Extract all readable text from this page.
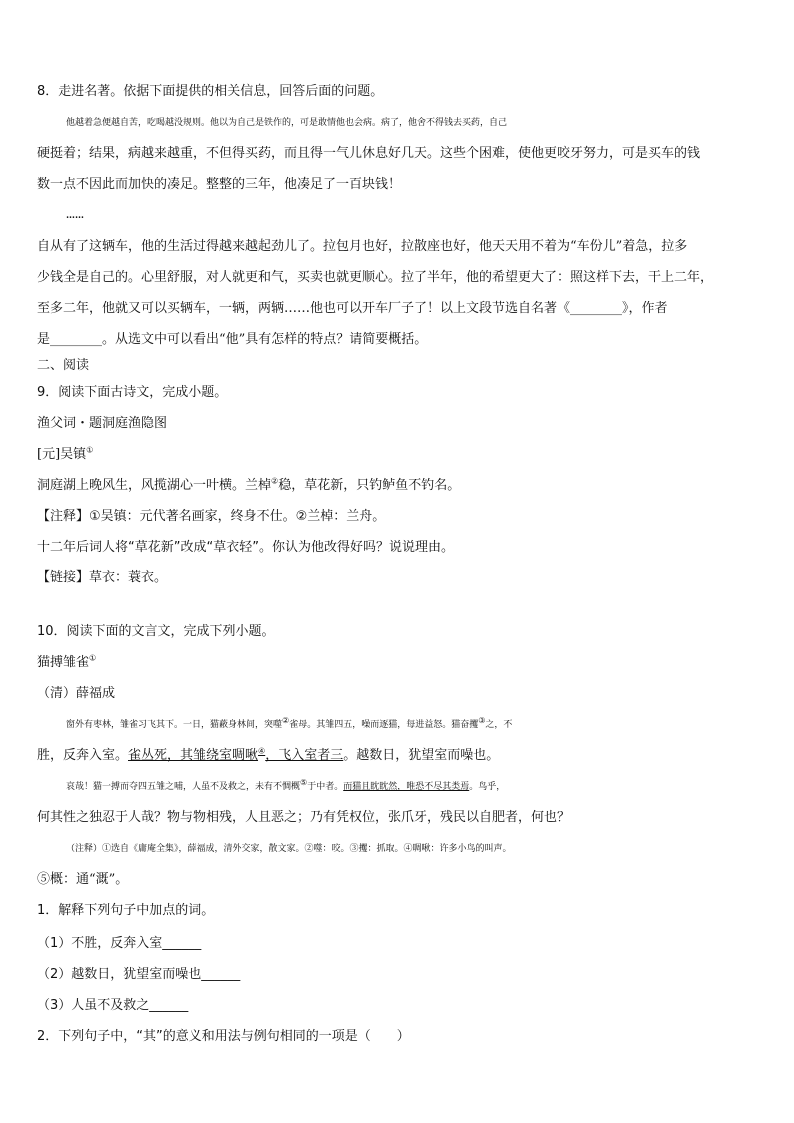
8．走进名著。依据下面提供的相关信息，回答后面的问题。
他越着急便越自苦，吃喝越没规则。他以为自己是铁作的，可是敢情他也会病。病了，他舍不得钱去买药，自己
硬挺着；结果，病越来越重，不但得买药，而且得一气儿休息好几天。这些个困难，使他更咬牙努力，可是买车的钱
数一点不因此而加快的凑足。整整的三年，他凑足了一百块钱！
……
自从有了这辆车，他的生活过得越来越起劲儿了。拉包月也好，拉散座也好，他天天用不着为“车份儿”着急，拉多
少钱全是自己的。心里舒服，对人就更和气，买卖也就更顺心。拉了半年，他的希望更大了：照这样下去，干上二年，
至多二年，他就又可以买辆车，一辆，两辆……他也可以开车厂子了！以上文段节选自名著《________》，作者
是________。从选文中可以看出“他”具有怎样的特点？请简要概括。
二、阅读
9．阅读下面古诗文，完成小题。
渔父词・题洞庭渔隐图
[元]吴镇①
洞庭湖上晚风生，风揽湖心一叶横。兰棹②稳，草花新，只钓鲈鱼不钓名。
【注释】①吴镇：元代著名画家，终身不仕。②兰棹：兰舟。
十二年后词人将“草花新”改成“草衣轻”。你认为他改得好吗？说说理由。
【链接】草衣：蓑衣。
10．阅读下面的文言文，完成下列小题。
猫搏雏雀①
（清）薛福成
窗外有枣林，雏雀习飞其下。一日，猫蔽身林间，突噬②雀母。其雏四五，噪而逐猫，每进益怒。猫奋攫③之，不
胜，反奔入室。雀丛死，其雏绕室啁啾④，飞入室者三。越数日，犹望室而噪也。
哀哉！猫一搏而夺四五雏之哺，人虽不及救之，未有不惆概⑤于中者。而猫且眈眈然，唯恐不尽其类焉。鸟乎，
何其性之独忍于人哉？物与物相残，人且恶之；乃有凭权位，张爪牙，残民以自肥者，何也？
（注释）①选自《庸庵全集》，薛福成，清外交家，散文家。②噬：咬。③攫：抓取。④啁啾：许多小鸟的叫声。
⑤概：通“溉”。
1．解释下列句子中加点的词。
（1）不胜，反奔入室______
（2）越数日，犹望室而噪也______
（3）人虽不及救之______
2．下列句子中，“其”的意义和用法与例句相同的一项是（　　）
